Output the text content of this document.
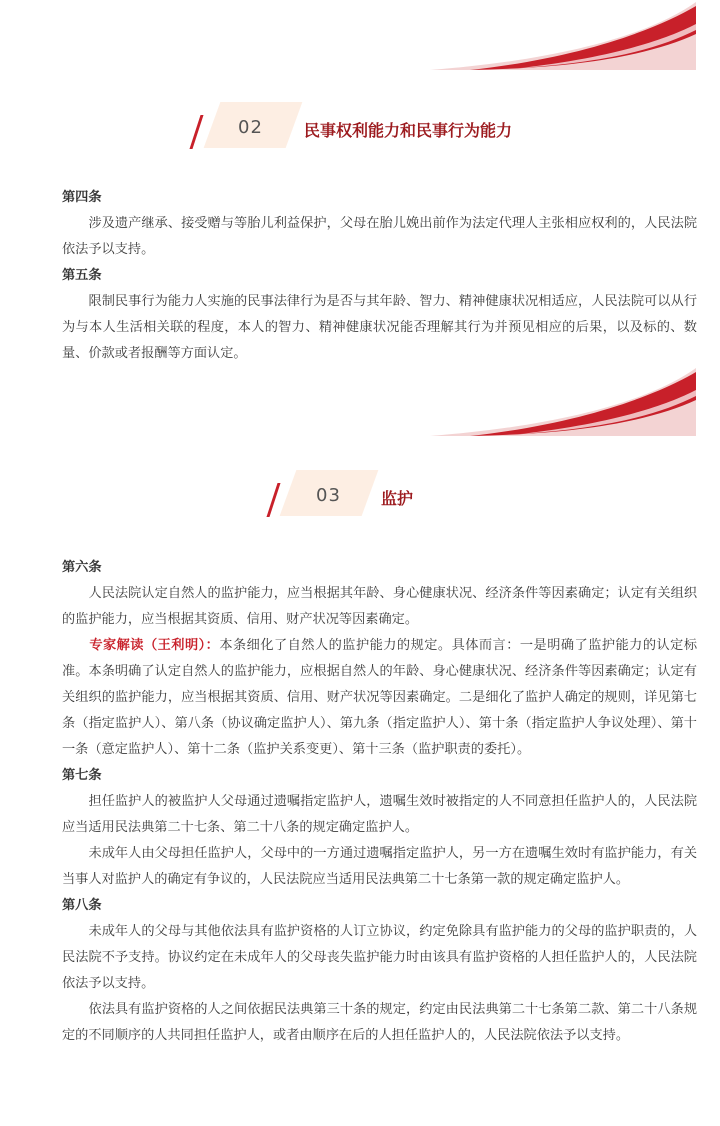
02	民事权利能力和民事行为能力

第四条

　　涉及遗产继承、接受赠与等胎儿利益保护，父母在胎儿娩出前作为法定代理人主张相应权利的，人民法院依法予以支持。

第五条

　　限制民事行为能力人实施的民事法律行为是否与其年龄、智力、精神健康状况相适应，人民法院可以从行为与本人生活相关联的程度，本人的智力、精神健康状况能否理解其行为并预见相应的后果，以及标的、数量、价款或者报酬等方面认定。

03	监护

第六条

　　人民法院认定自然人的监护能力，应当根据其年龄、身心健康状况、经济条件等因素确定；认定有关组织的监护能力，应当根据其资质、信用、财产状况等因素确定。

　　专家解读（王利明）：本条细化了自然人的监护能力的规定。具体而言：一是明确了监护能力的认定标准。本条明确了认定自然人的监护能力，应根据自然人的年龄、身心健康状况、经济条件等因素确定；认定有关组织的监护能力，应当根据其资质、信用、财产状况等因素确定。二是细化了监护人确定的规则，详见第七条（指定监护人）、第八条（协议确定监护人）、第九条（指定监护人）、第十条（指定监护人争议处理）、第十一条（意定监护人）、第十二条（监护关系变更）、第十三条（监护职责的委托）。

第七条

　　担任监护人的被监护人父母通过遗嘱指定监护人，遗嘱生效时被指定的人不同意担任监护人的，人民法院应当适用民法典第二十七条、第二十八条的规定确定监护人。

　　未成年人由父母担任监护人，父母中的一方通过遗嘱指定监护人，另一方在遗嘱生效时有监护能力，有关当事人对监护人的确定有争议的，人民法院应当适用民法典第二十七条第一款的规定确定监护人。

第八条

　　未成年人的父母与其他依法具有监护资格的人订立协议，约定免除具有监护能力的父母的监护职责的，人民法院不予支持。协议约定在未成年人的父母丧失监护能力时由该具有监护资格的人担任监护人的，人民法院依法予以支持。

　　依法具有监护资格的人之间依据民法典第三十条的规定，约定由民法典第二十七条第二款、第二十八条规定的不同顺序的人共同担任监护人，或者由顺序在后的人担任监护人的，人民法院依法予以支持。
